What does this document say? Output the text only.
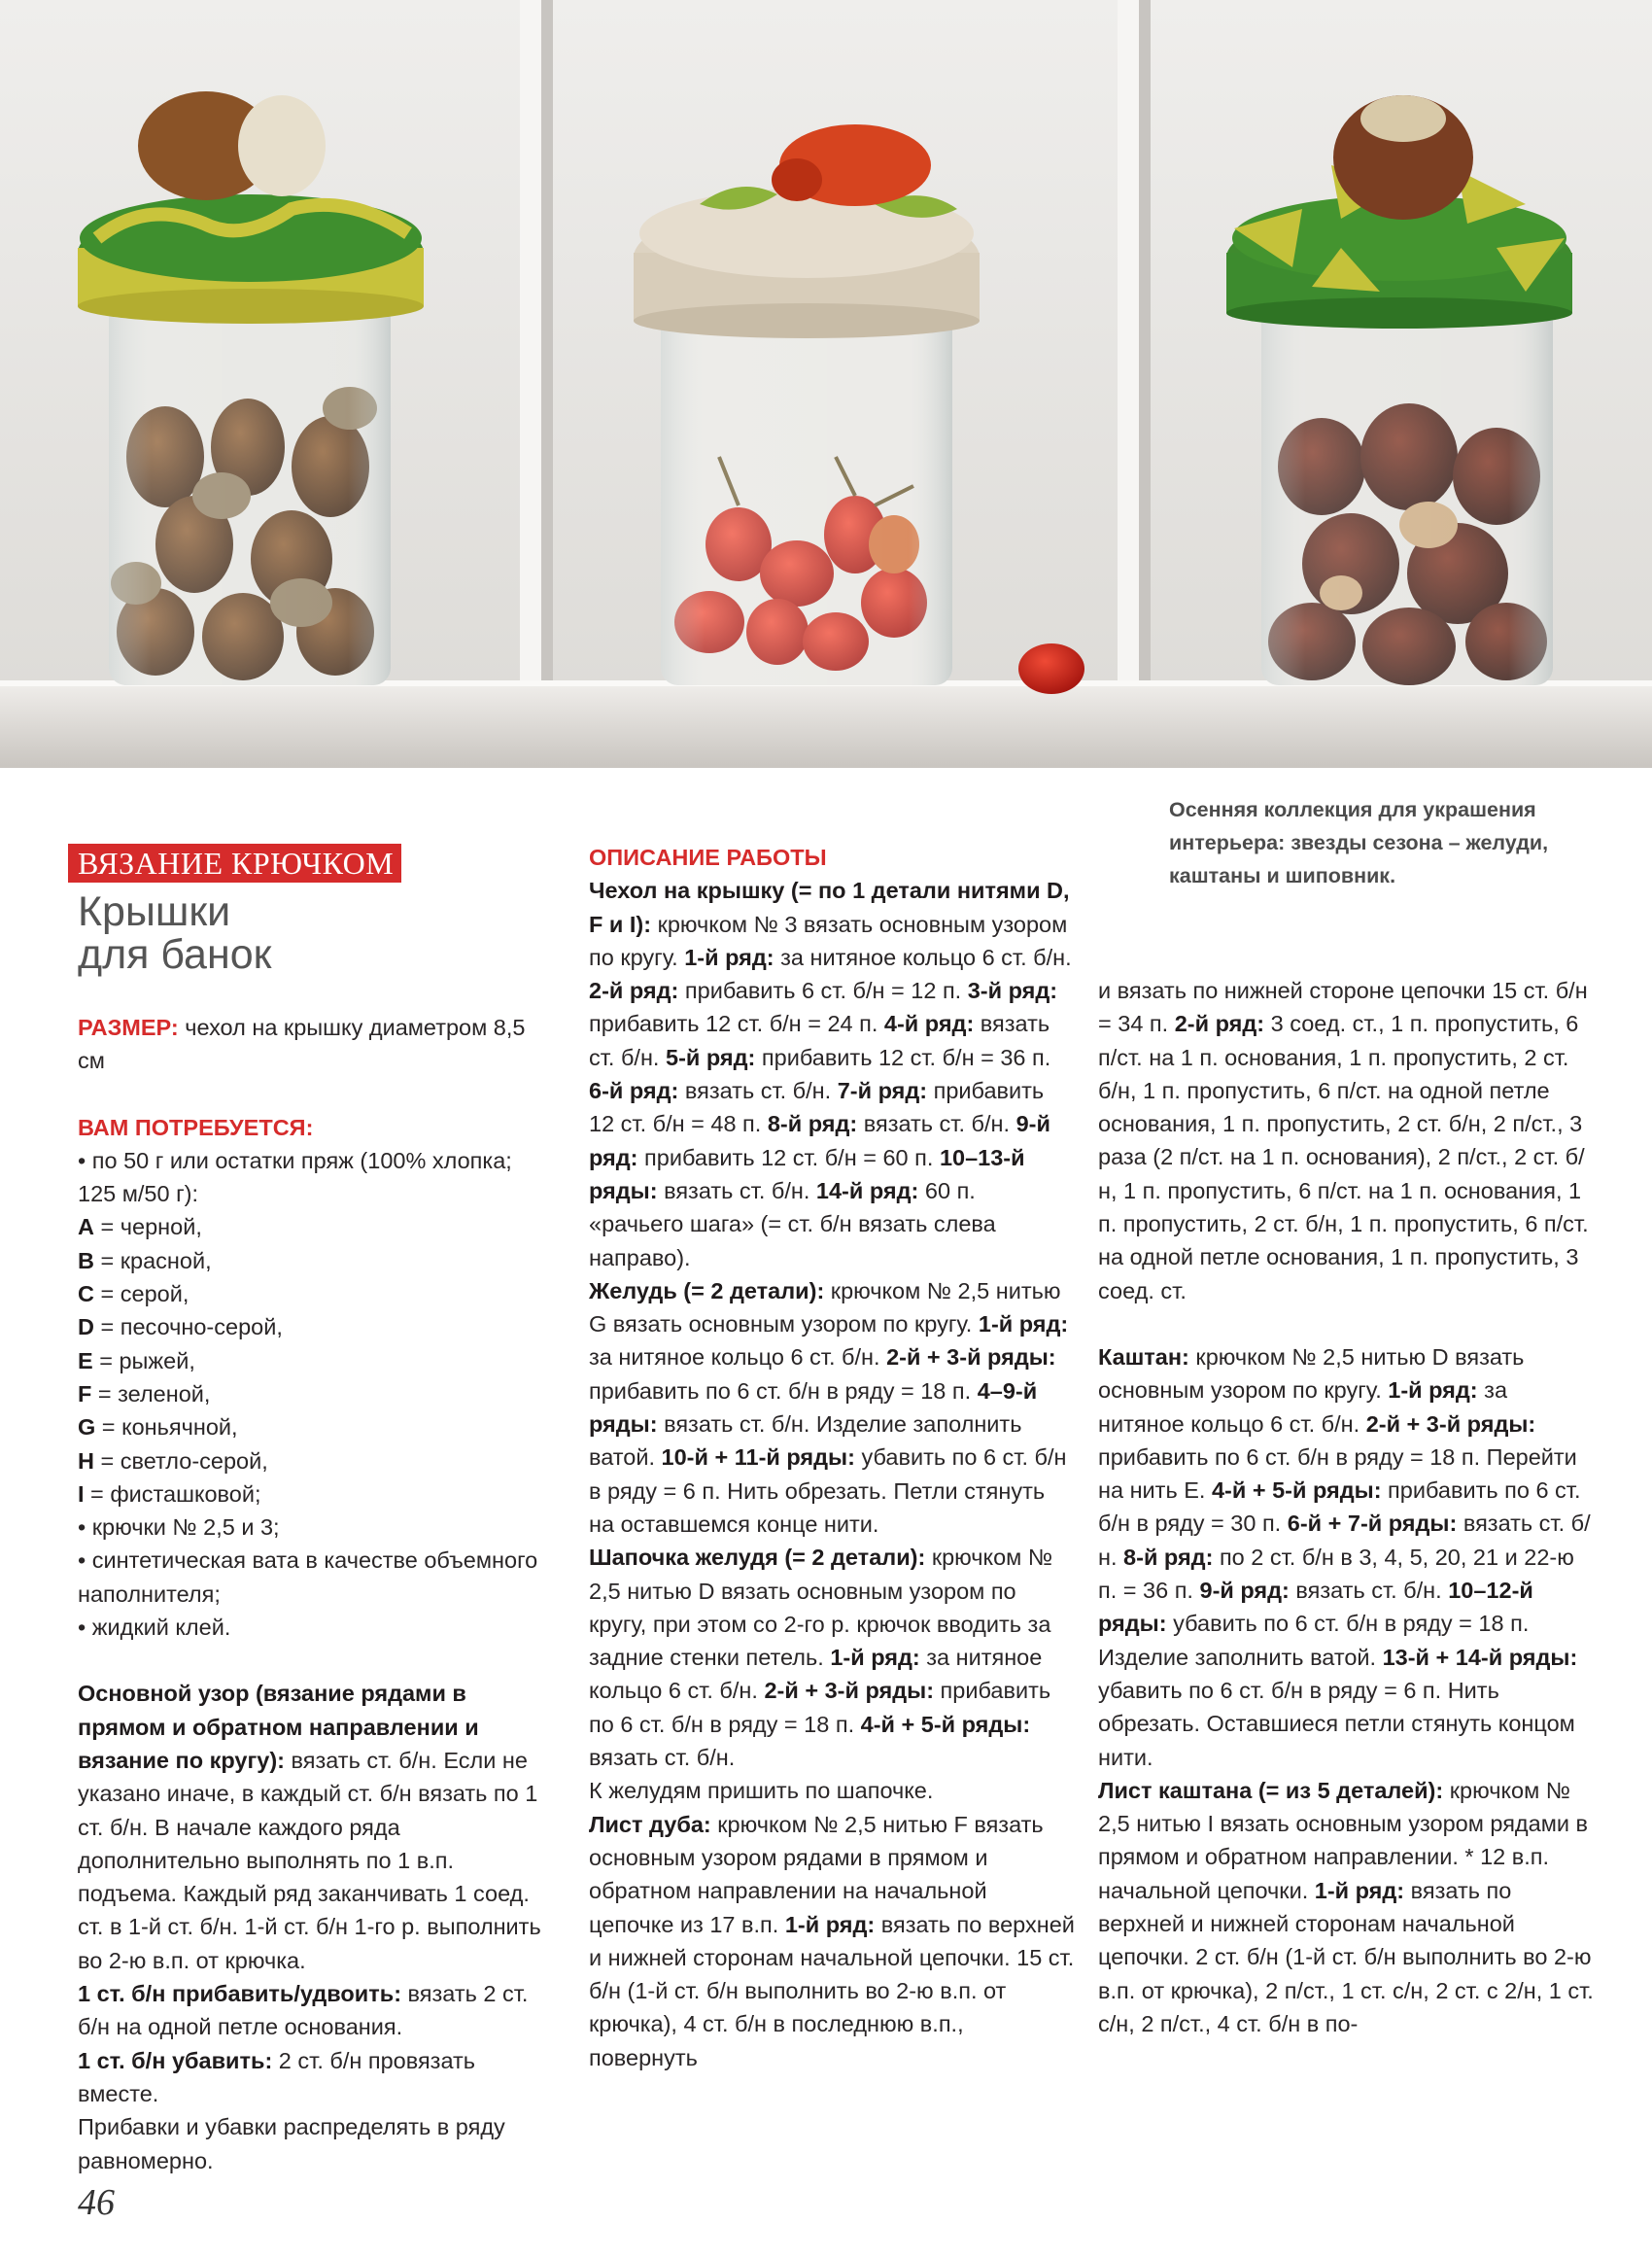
Осенняя коллекция для украшения интерьера: звезды сезона – желуди, каштаны и шиповник.

ВЯЗАНИЕ КРЮЧКОМ
Крышки
для банок

РАЗМЕР: чехол на крышку диаметром 8,5 см

ВАМ ПОТРЕБУЕТСЯ:

• по 50 г или остатки пряж (100% хлопка; 125 м/50 г):

A = черной,

B = красной,

C = серой,

D = песочно-серой,

E = рыжей,

F = зеленой,

G = коньячной,

H = светло-серой,

I = фисташковой;

• крючки № 2,5 и 3;

• синтетическая вата в качестве объемного наполнителя;

• жидкий клей.

Основной узор (вязание рядами в прямом и обратном направлении и вязание по кругу): вязать ст. б/н. Если не указано иначе, в каждый ст. б/н вязать по 1 ст. б/н. В начале каждого ряда дополнительно выполнять по 1 в.п. подъема. Каждый ряд заканчивать 1 соед. ст. в 1-й ст. б/н. 1-й ст. б/н 1-го р. выполнить во 2-ю в.п. от крючка.

1 ст. б/н прибавить/удвоить: вязать 2 ст. б/н на одной петле основания.

1 ст. б/н убавить: 2 ст. б/н провязать вместе.

Прибавки и убавки распределять в ряду равномерно.

ОПИСАНИЕ РАБОТЫ

Чехол на крышку (= по 1 детали нитями D, F и I): крючком № 3 вязать основным узором по кругу. 1-й ряд: за нитяное кольцо 6 ст. б/н. 2-й ряд: прибавить 6 ст. б/н = 12 п. 3-й ряд: прибавить 12 ст. б/н = 24 п. 4-й ряд: вязать ст. б/н. 5-й ряд: прибавить 12 ст. б/н = 36 п. 6-й ряд: вязать ст. б/н. 7-й ряд: прибавить 12 ст. б/н = 48 п. 8-й ряд: вязать ст. б/н. 9-й ряд: прибавить 12 ст. б/н = 60 п. 10–13-й ряды: вязать ст. б/н. 14-й ряд: 60 п. «рачьего шага» (= ст. б/н вязать слева направо).

Желудь (= 2 детали): крючком № 2,5 нитью G вязать основным узором по кругу. 1-й ряд: за нитяное кольцо 6 ст. б/н. 2-й + 3-й ряды: прибавить по 6 ст. б/н в ряду = 18 п. 4–9-й ряды: вязать ст. б/н. Изделие заполнить ватой. 10-й + 11-й ряды: убавить по 6 ст. б/н в ряду = 6 п. Нить обрезать. Петли стянуть на оставшемся конце нити.

Шапочка желудя (= 2 детали): крючком № 2,5 нитью D вязать основным узором по кругу, при этом со 2-го р. крючок вводить за задние стенки петель. 1-й ряд: за нитяное кольцо 6 ст. б/н. 2-й + 3-й ряды: прибавить по 6 ст. б/н в ряду = 18 п. 4-й + 5-й ряды: вязать ст. б/н.

К желудям пришить по шапочке.

Лист дуба: крючком № 2,5 нитью F вязать основным узором рядами в прямом и обратном направлении на начальной цепочке из 17 в.п. 1-й ряд: вязать по верхней и нижней сторонам начальной цепочки. 15 ст. б/н (1-й ст. б/н выполнить во 2-ю в.п. от крючка), 4 ст. б/н в последнюю в.п., повернуть

и вязать по нижней стороне цепочки 15 ст. б/н = 34 п. 2-й ряд: 3 соед. ст., 1 п. пропустить, 6 п/ст. на 1 п. основания, 1 п. пропустить, 2 ст. б/н, 1 п. пропустить, 6 п/ст. на одной петле основания, 1 п. пропустить, 2 ст. б/н, 2 п/ст., 3 раза (2 п/ст. на 1 п. основания), 2 п/ст., 2 ст. б/н, 1 п. пропустить, 6 п/ст. на 1 п. основания, 1 п. пропустить, 2 ст. б/н, 1 п. пропустить, 6 п/ст. на одной петле основания, 1 п. пропустить, 3 соед. ст.

Каштан: крючком № 2,5 нитью D вязать основным узором по кругу. 1-й ряд: за нитяное кольцо 6 ст. б/н. 2-й + 3-й ряды: прибавить по 6 ст. б/н в ряду = 18 п. Перейти на нить E. 4-й + 5-й ряды: прибавить по 6 ст. б/н в ряду = 30 п. 6-й + 7-й ряды: вязать ст. б/н. 8-й ряд: по 2 ст. б/н в 3, 4, 5, 20, 21 и 22-ю п. = 36 п. 9-й ряд: вязать ст. б/н. 10–12-й ряды: убавить по 6 ст. б/н в ряду = 18 п. Изделие заполнить ватой. 13-й + 14-й ряды: убавить по 6 ст. б/н в ряду = 6 п. Нить обрезать. Оставшиеся петли стянуть концом нити.

Лист каштана (= из 5 деталей): крючком № 2,5 нитью I вязать основным узором рядами в прямом и обратном направлении. * 12 в.п. начальной цепочки. 1-й ряд: вязать по верхней и нижней сторонам начальной цепочки. 2 ст. б/н (1-й ст. б/н выполнить во 2-ю в.п. от крючка), 2 п/ст., 1 ст. с/н, 2 ст. с 2/н, 1 ст. с/н, 2 п/ст., 4 ст. б/н в по-

46
